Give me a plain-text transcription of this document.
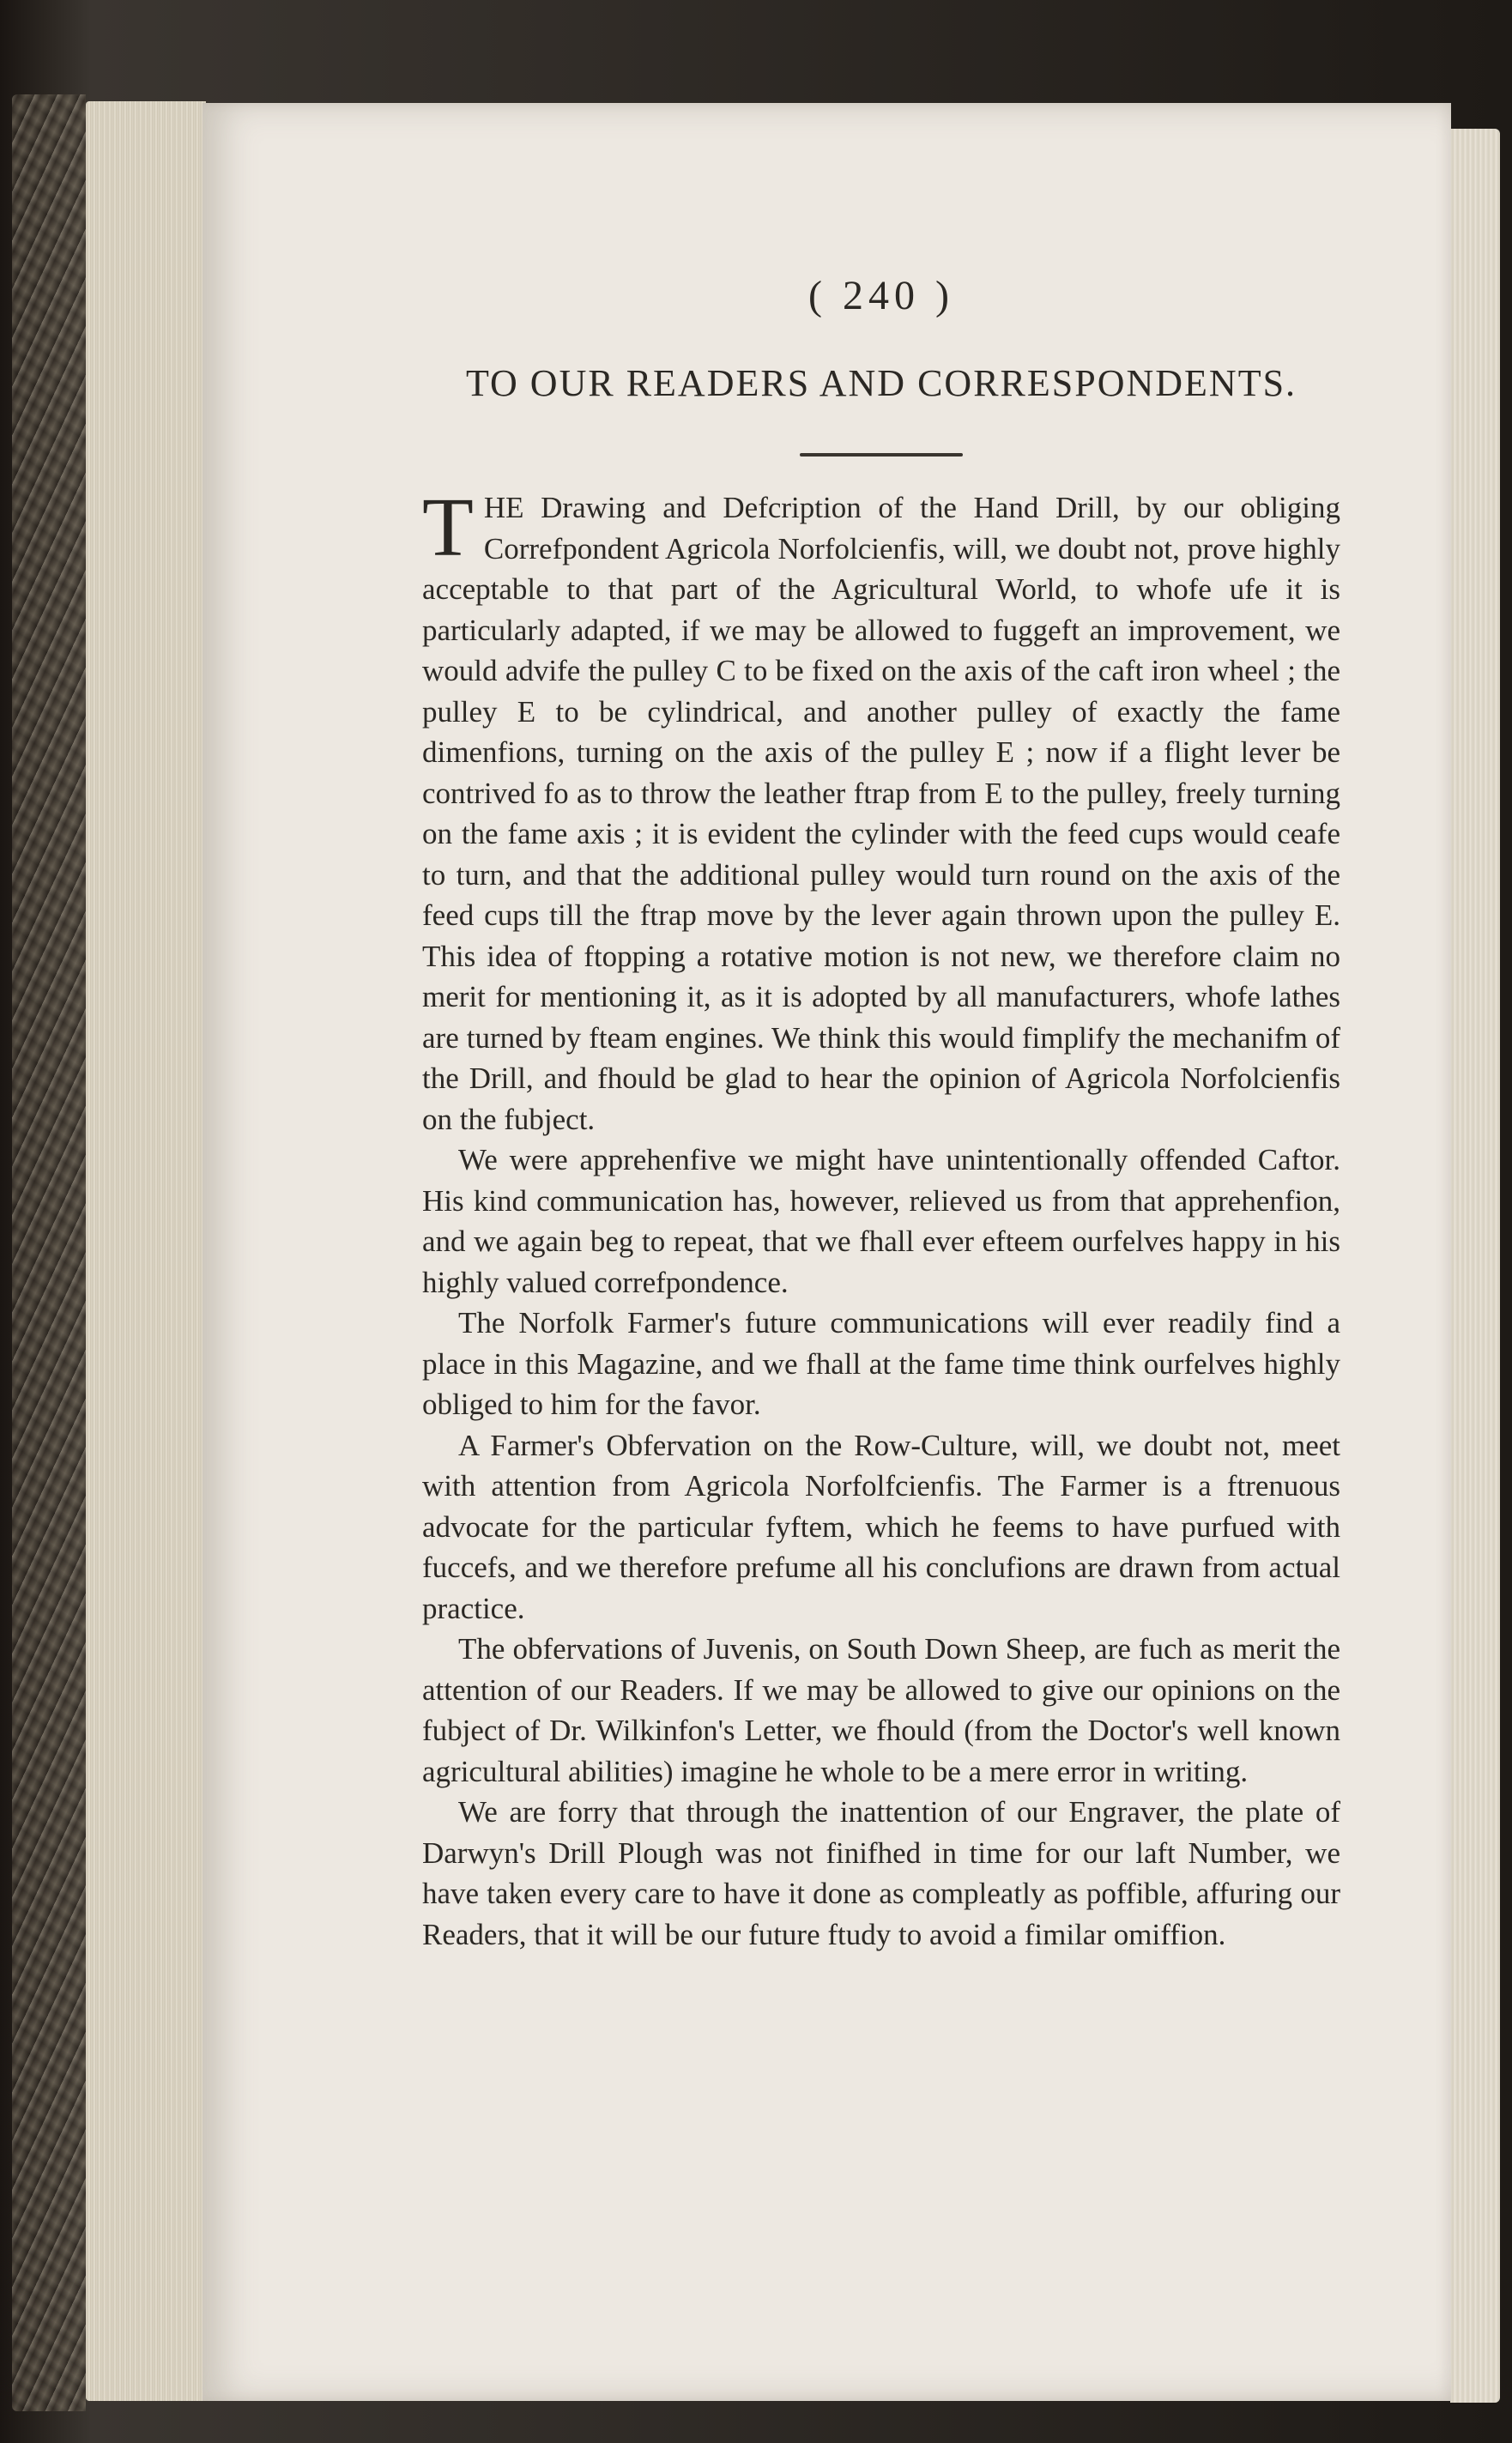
( 240 )

TO OUR READERS AND CORRESPONDENTS.

THE Drawing and Defcription of the Hand Drill, by our obliging Correfpondent Agricola Norfolcienfis, will, we doubt not, prove highly acceptable to that part of the Agricultural World, to whofe ufe it is particularly adapted, if we may be allowed to fuggeft an improvement, we would advife the pulley C to be fixed on the axis of the caft iron wheel ; the pulley E to be cylindrical, and another pulley of exactly the fame dimenfions, turning on the axis of the pulley E ; now if a flight lever be contrived fo as to throw the leather ftrap from E to the pulley, freely turning on the fame axis ; it is evident the cylinder with the feed cups would ceafe to turn, and that the additional pulley would turn round on the axis of the feed cups till the ftrap move by the lever again thrown upon the pulley E. This idea of ftopping a rotative motion is not new, we therefore claim no merit for mentioning it, as it is adopted by all manufacturers, whofe lathes are turned by fteam engines. We think this would fimplify the mechanifm of the Drill, and fhould be glad to hear the opinion of Agricola Norfolcienfis on the fubject.

We were apprehenfive we might have unintentionally offended Caftor. His kind communication has, however, relieved us from that apprehenfion, and we again beg to repeat, that we fhall ever efteem ourfelves happy in his highly valued correfpondence.

The Norfolk Farmer's future communications will ever readily find a place in this Magazine, and we fhall at the fame time think ourfelves highly obliged to him for the favor.

A Farmer's Obfervation on the Row-Culture, will, we doubt not, meet with attention from Agricola Norfolfcienfis. The Farmer is a ftrenuous advocate for the particular fyftem, which he feems to have purfued with fuccefs, and we therefore prefume all his conclufions are drawn from actual practice.

The obfervations of Juvenis, on South Down Sheep, are fuch as merit the attention of our Readers. If we may be allowed to give our opinions on the fubject of Dr. Wilkinfon's Letter, we fhould (from the Doctor's well known agricultural abilities) imagine he whole to be a mere error in writing.

We are forry that through the inattention of our Engraver, the plate of Darwyn's Drill Plough was not finifhed in time for our laft Number, we have taken every care to have it done as compleatly as poffible, affuring our Readers, that it will be our future ftudy to avoid a fimilar omiffion.
